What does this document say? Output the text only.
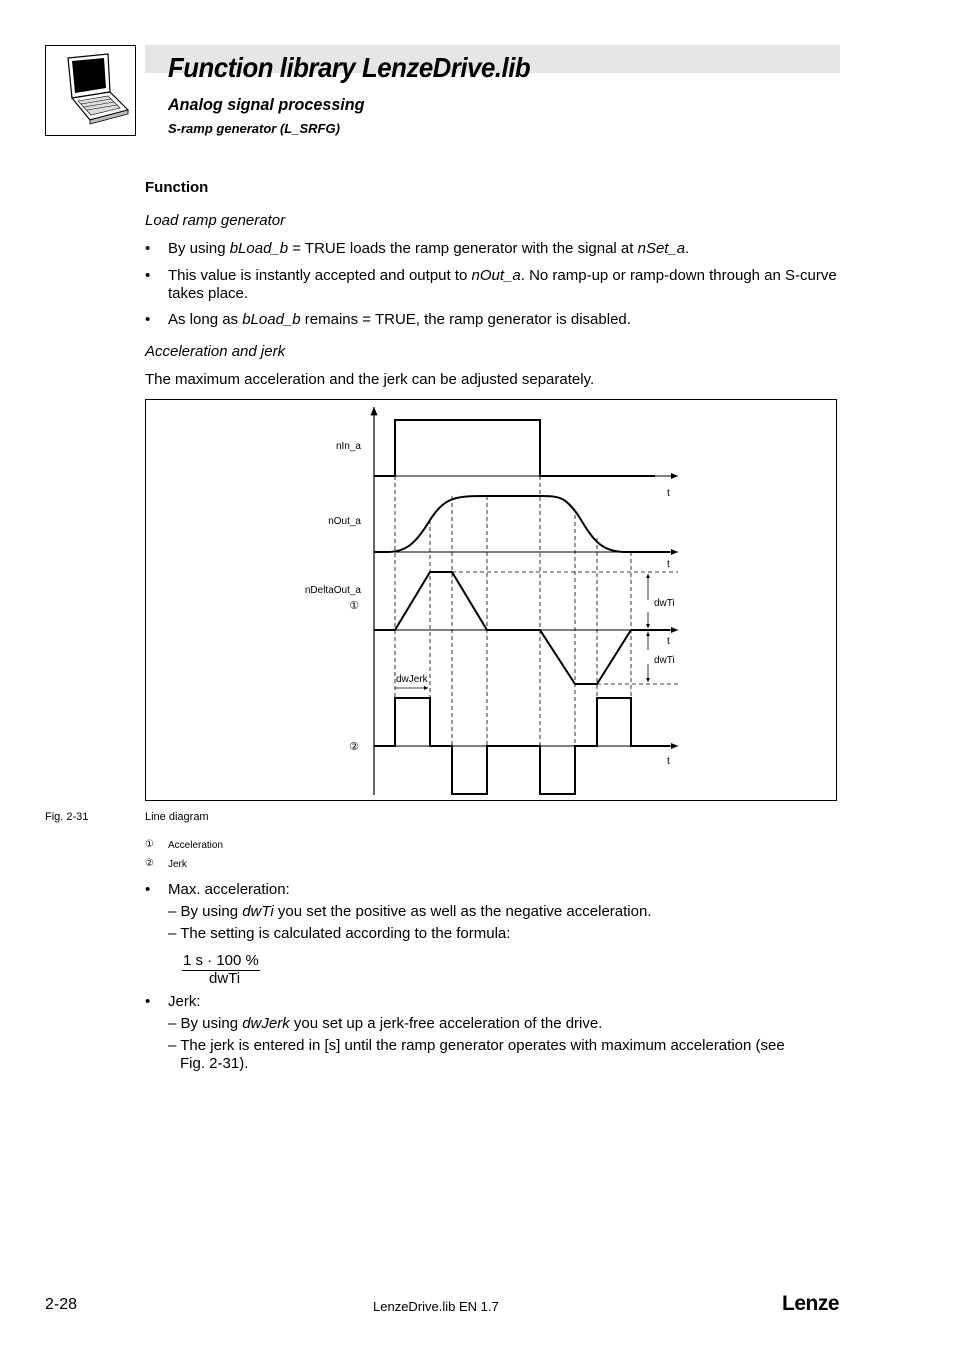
Function library LenzeDrive.lib
Analog signal processing
S-ramp generator (L_SRFG)
Function
Load ramp generator
• By using bLoad_b = TRUE loads the ramp generator with the signal at nSet_a.
• This value is instantly accepted and output to nOut_a. No ramp-up or ramp-down through an S-curve takes place.
• As long as bLoad_b remains = TRUE, the ramp generator is disabled.
Acceleration and jerk
The maximum acceleration and the jerk can be adjusted separately.
nIn_a
nOut_a
nDeltaOut_a
①
②
t
t
t
t
dwTi
dwTi
dwJerk
Fig. 2-31	Line diagram
① Acceleration
② Jerk
• Max. acceleration:
– By using dwTi you set the positive as well as the negative acceleration.
– The setting is calculated according to the formula:
1 s · 100 %
dwTi
• Jerk:
– By using dwJerk you set up a jerk-free acceleration of the drive.
– The jerk is entered in [s] until the ramp generator operates with maximum acceleration (see
Fig. 2-31).
2-28	LenzeDrive.lib EN 1.7	Lenze
